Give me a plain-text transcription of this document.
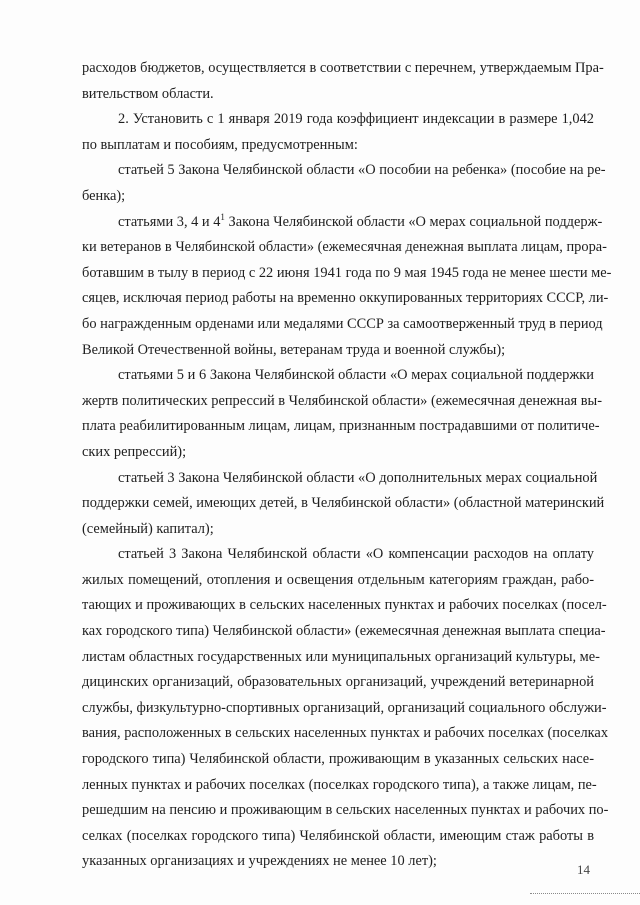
расходов бюджетов, осуществляется в соответствии с перечнем, утверждаемым Пра-
вительством области.
2. Установить с 1 января 2019 года коэффициент индексации в размере 1,042
по выплатам и пособиям, предусмотренным:
статьей 5 Закона Челябинской области «О пособии на ребенка» (пособие на ре-
бенка);
статьями 3, 4 и $4^1$ Закона Челябинской области «О мерах социальной поддерж-
ки ветеранов в Челябинской области» (ежемесячная денежная выплата лицам, прора-
ботавшим в тылу в период с 22 июня 1941 года по 9 мая 1945 года не менее шести ме-
сяцев, исключая период работы на временно оккупированных территориях СССР, ли-
бо награжденным орденами или медалями СССР за самоотверженный труд в период
Великой Отечественной войны, ветеранам труда и военной службы);
статьями 5 и 6 Закона Челябинской области «О мерах социальной поддержки
жертв политических репрессий в Челябинской области» (ежемесячная денежная вы-
плата реабилитированным лицам, лицам, признанным пострадавшими от политиче-
ских репрессий);
статьей 3 Закона Челябинской области «О дополнительных мерах социальной
поддержки семей, имеющих детей, в Челябинской области» (областной материнский
(семейный) капитал);
статьей 3 Закона Челябинской области «О компенсации расходов на оплату
жилых помещений, отопления и освещения отдельным категориям граждан, рабо-
тающих и проживающих в сельских населенных пунктах и рабочих поселках (посел-
ках городского типа) Челябинской области» (ежемесячная денежная выплата специа-
листам областных государственных или муниципальных организаций культуры, ме-
дицинских организаций, образовательных организаций, учреждений ветеринарной
службы, физкультурно-спортивных организаций, организаций социального обслужи-
вания, расположенных в сельских населенных пунктах и рабочих поселках (поселках
городского типа) Челябинской области, проживающим в указанных сельских насе-
ленных пунктах и рабочих поселках (поселках городского типа), а также лицам, пе-
решедшим на пенсию и проживающим в сельских населенных пунктах и рабочих по-
селках (поселках городского типа) Челябинской области, имеющим стаж работы в
указанных организациях и учреждениях не менее 10 лет);
14
